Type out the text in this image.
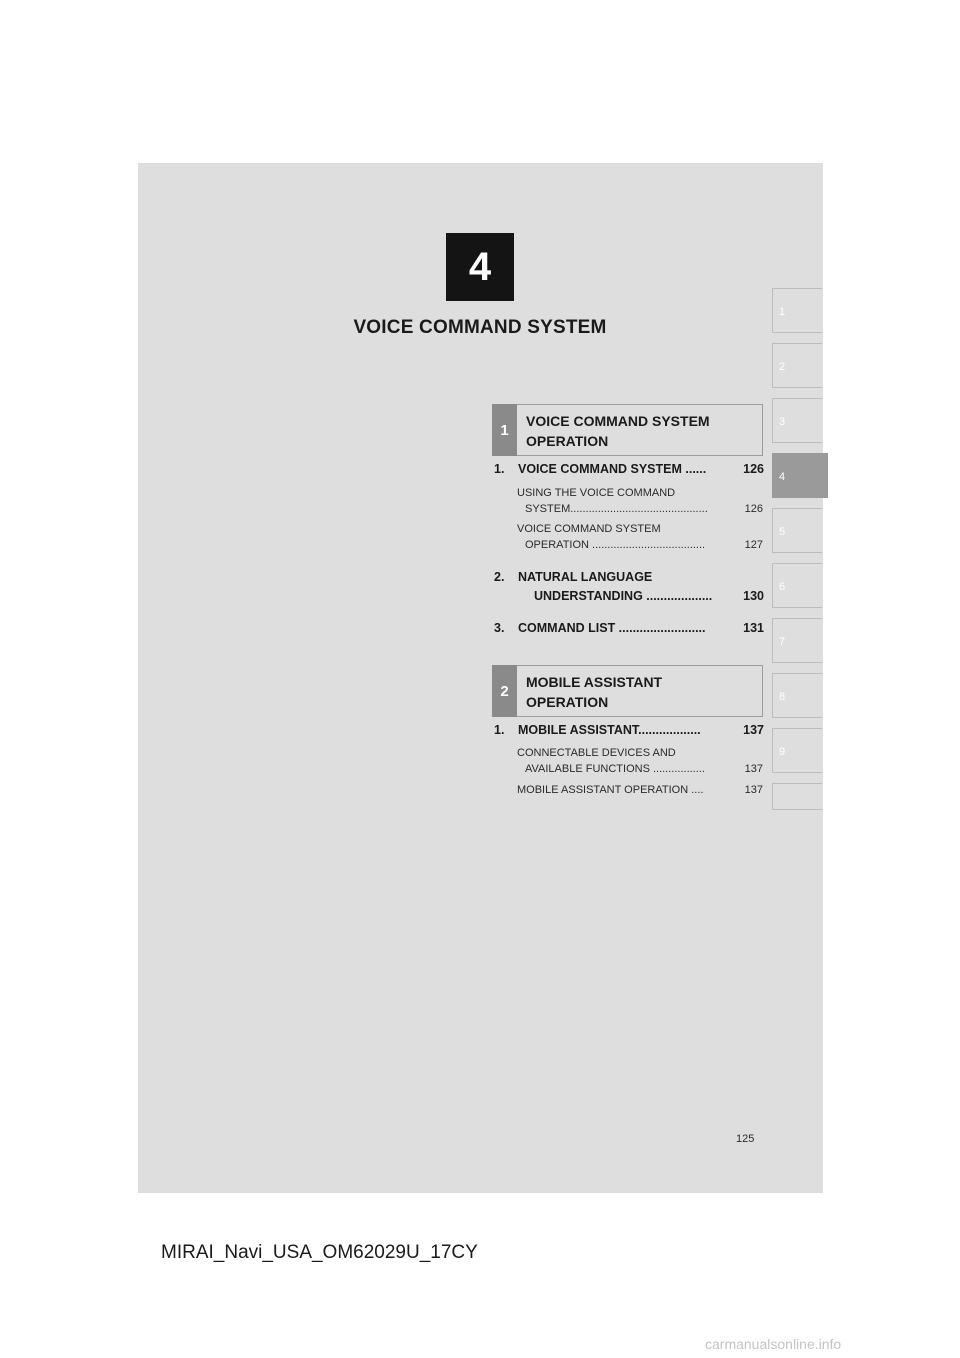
4
VOICE COMMAND SYSTEM
1
2
3
4
5
6
7
8
9
1
VOICE COMMAND SYSTEM
OPERATION
1. VOICE COMMAND SYSTEM ......	126
USING THE VOICE COMMAND
SYSTEM.............................................	126
VOICE COMMAND SYSTEM
OPERATION .....................................	127
2. NATURAL LANGUAGE
UNDERSTANDING ................... 130
3. COMMAND LIST .........................	131
2
MOBILE ASSISTANT
OPERATION
1. MOBILE ASSISTANT..................	137
CONNECTABLE DEVICES AND
AVAILABLE FUNCTIONS .................	137
MOBILE ASSISTANT OPERATION ....	137
125
MIRAI_Navi_USA_OM62029U_17CY
carmanualsonline.info
